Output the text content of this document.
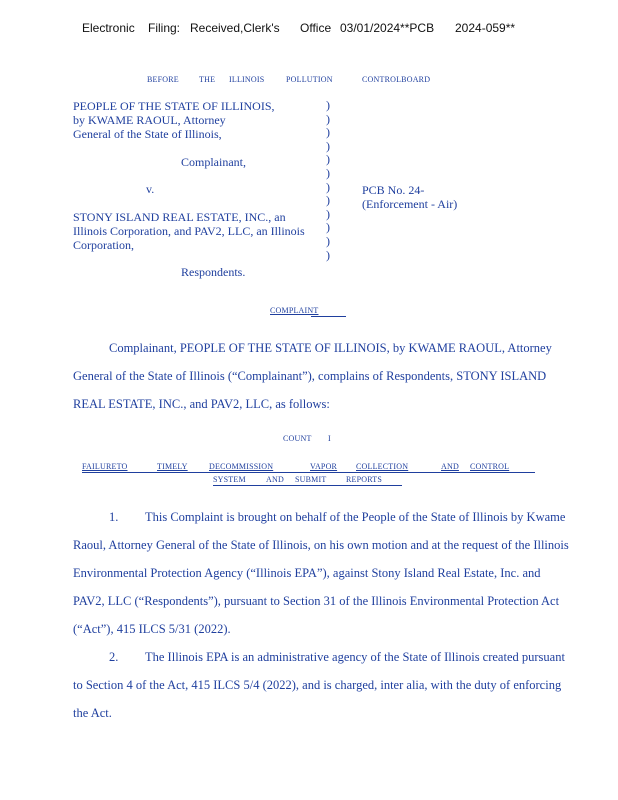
Electronic Filing: Received,Clerk's Office 03/01/2024**PCB 2024-059**
BEFORE	THE ILLINOIS	POLLUTION	CONTROLBOARD
PEOPLE OF THE STATE OF ILLINOIS,
by KWAME RAOUL, Attorney
General of the State of Illinois,
Complainant,
v.
STONY ISLAND REAL ESTATE, INC., an
Illinois Corporation, and PAV2, LLC, an Illinois
Corporation,
Respondents.
)
)
)
)
)
)
)
)
)
)
)
)
PCB No. 24-
(Enforcement - Air)
COMPLAINT
Complainant, PEOPLE OF THE STATE OF ILLINOIS, by KWAME RAOUL, Attorney
General of the State of Illinois (“Complainant”), complains of Respondents, STONY ISLAND
REAL ESTATE, INC., and PAV2, LLC, as follows:
COUNT I
FAILURETO	TIMELY	DECOMMISSION	VAPOR COLLECTION	AND CONTROL
SYSTEM	AND SUBMIT REPORTS
1. This Complaint is brought on behalf of the People of the State of Illinois by Kwame
Raoul, Attorney General of the State of Illinois, on his own motion and at the request of the Illinois
Environmental Protection Agency (“Illinois EPA”), against Stony Island Real Estate, Inc. and
PAV2, LLC (“Respondents”), pursuant to Section 31 of the Illinois Environmental Protection Act
(“Act”), 415 ILCS 5/31 (2022).
2. The Illinois EPA is an administrative agency of the State of Illinois created pursuant
to Section 4 of the Act, 415 ILCS 5/4 (2022), and is charged, inter alia, with the duty of enforcing
the Act.
